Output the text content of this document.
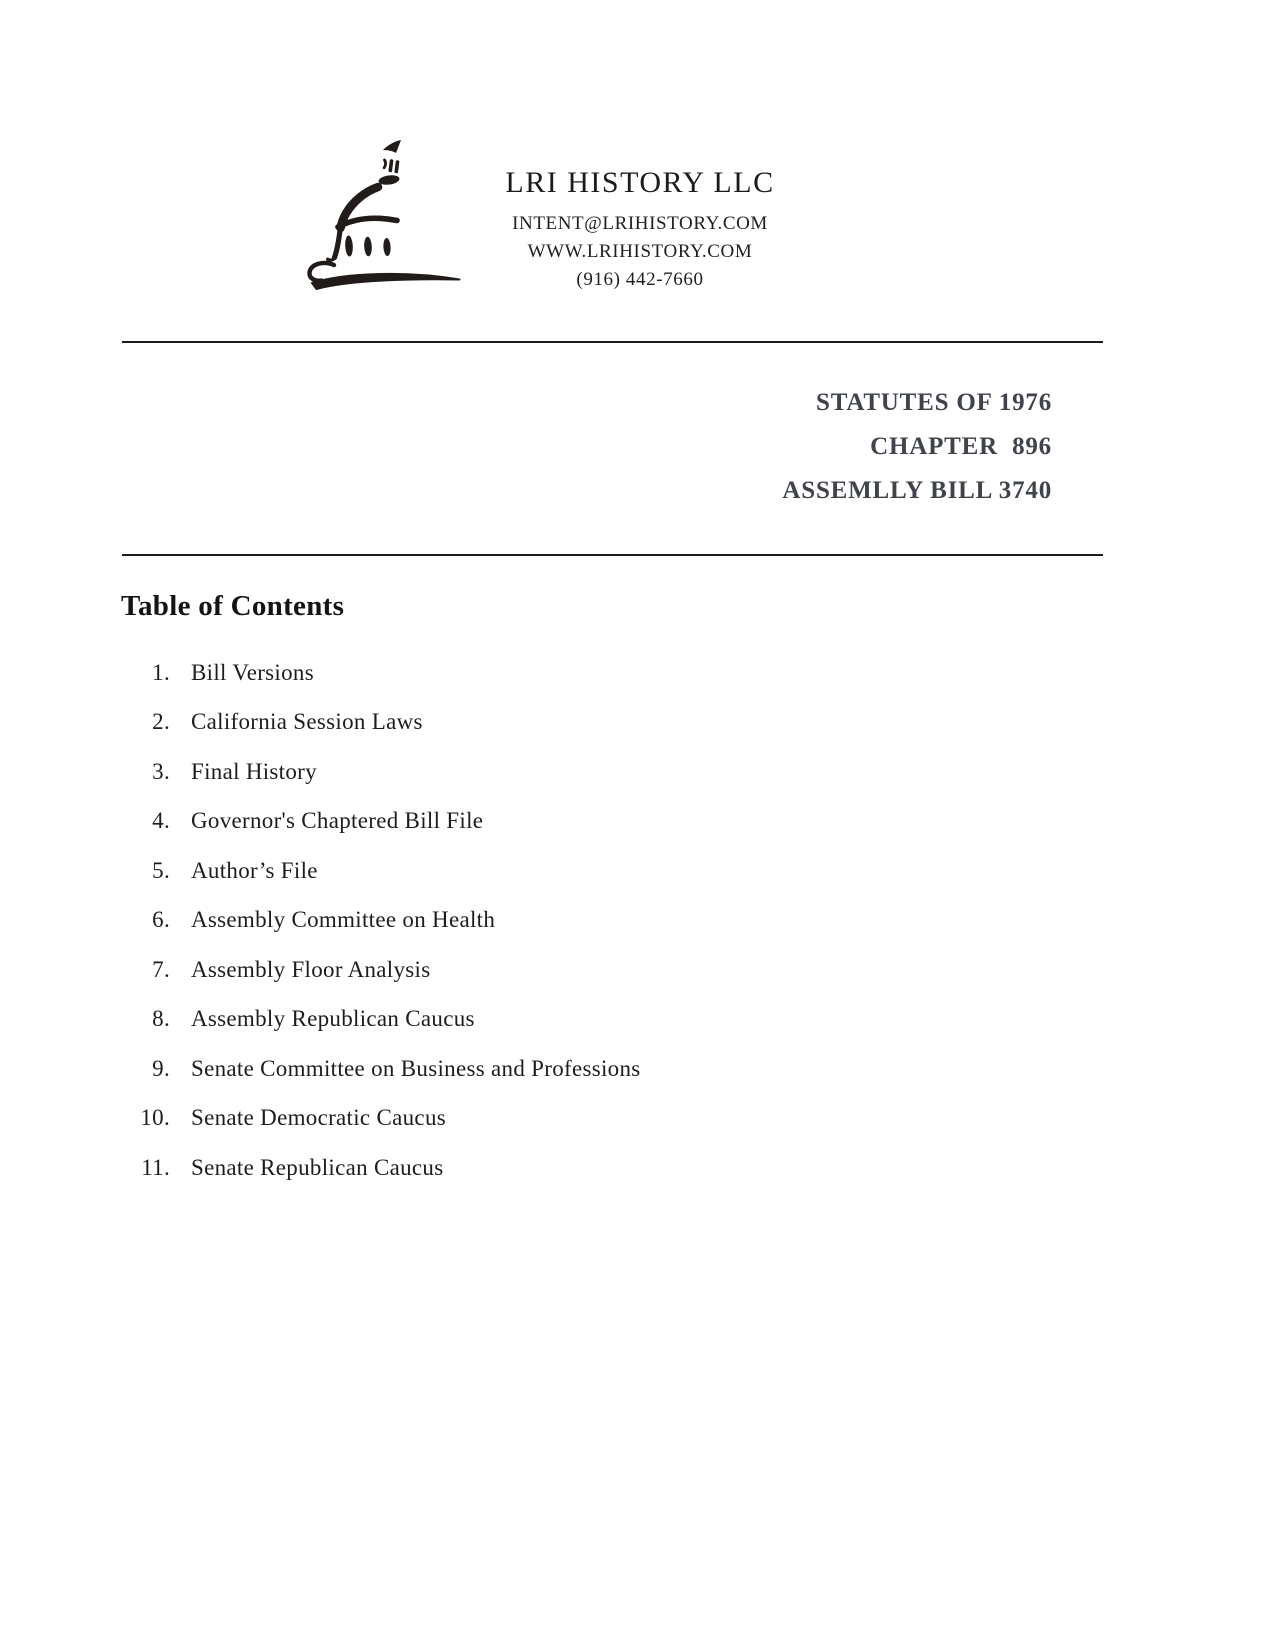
LRI HISTORY LLC
INTENT@LRIHISTORY.COM
WWW.LRIHISTORY.COM
(916) 442-7660
STATUTES OF 1976
CHAPTER  896
ASSEMLLY BILL 3740
Table of Contents
1. Bill Versions
2. California Session Laws
3. Final History
4. Governor's Chaptered Bill File
5. Author’s File
6. Assembly Committee on Health
7. Assembly Floor Analysis
8. Assembly Republican Caucus
9. Senate Committee on Business and Professions
10. Senate Democratic Caucus
11. Senate Republican Caucus
